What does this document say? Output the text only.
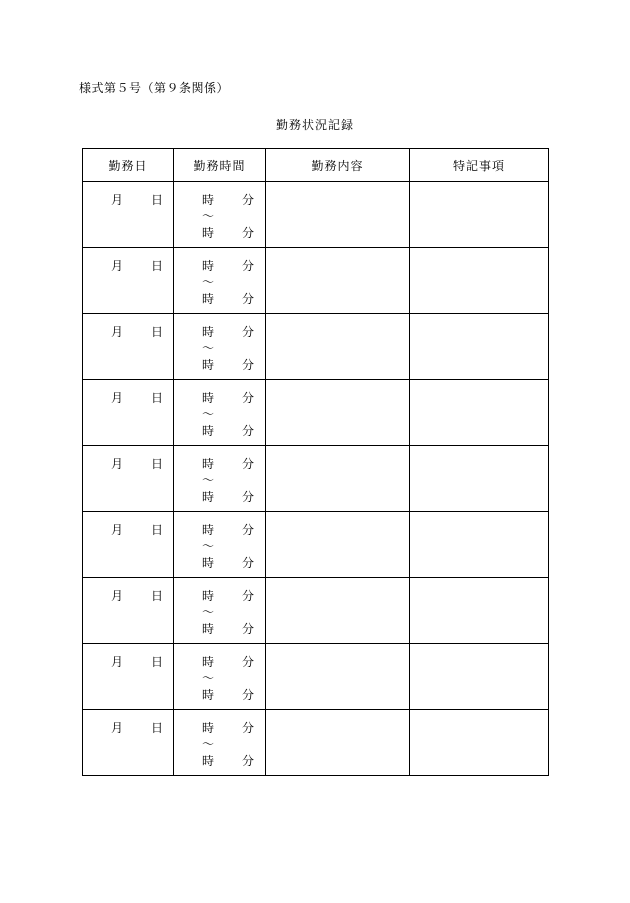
様式第５号（第９条関係）
勤務状況記録
勤務日	勤務時間	勤務内容	特記事項

月 日	時 分
～
時 分		

月 日	時 分
～
時 分		

月 日	時 分
～
時 分		

月 日	時 分
～
時 分		

月 日	時 分
～
時 分		

月 日	時 分
～
時 分		

月 日	時 分
～
時 分		

月 日	時 分
～
時 分		

月 日	時 分
～
時 分		
